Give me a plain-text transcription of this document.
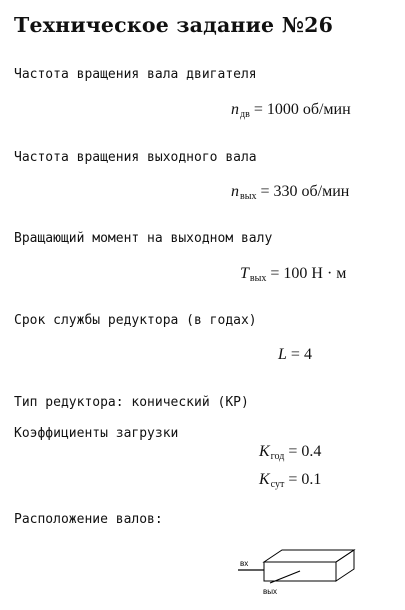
Техническое задание №26
Частота вращения вала двигателя
$n_{дв} = 1000$ об/мин
Частота вращения выходного вала
$n_{вых} = 330$ об/мин
Вращающий момент на выходном валу
$T_{вых} = 100$ Н · м
Срок службы редуктора (в годах)
L = 4
Тип редуктора: конический (КР)
Коэффициенты загрузки
$K_{год} = 0.4$
$K_{сут} = 0.1$
Расположение валов:
вх
вых
